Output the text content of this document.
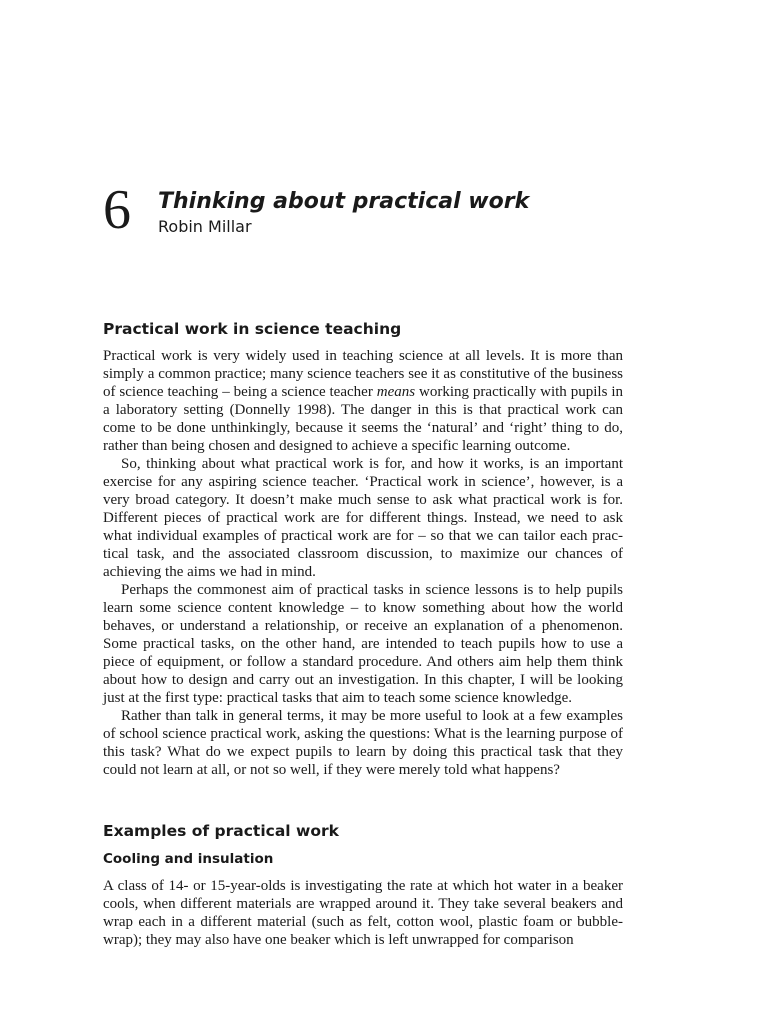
6 Thinking about practical work
Robin Millar
Practical work in science teaching

Practical work is very widely used in teaching science at all levels. It is more than simply a common practice; many science teachers see it as constitutive of the business of science teaching – being a science teacher means working practically with pupils in a laboratory setting (Donnelly 1998). The danger in this is that practical work can come to be done unthinkingly, because it seems the ‘natural’ and ‘right’ thing to do, rather than being chosen and designed to achieve a specific learning outcome.

So, thinking about what practical work is for, and how it works, is an important exercise for any aspiring science teacher. ‘Practical work in science’, however, is a very broad category. It doesn’t make much sense to ask what practical work is for. Different pieces of practical work are for different things. Instead, we need to ask what individual examples of practical work are for – so that we can tailor each practical task, and the associated classroom discussion, to maximize our chances of achieving the aims we had in mind.

Perhaps the commonest aim of practical tasks in science lessons is to help pupils learn some science content knowledge – to know something about how the world behaves, or understand a relationship, or receive an explanation of a phenomenon. Some practical tasks, on the other hand, are intended to teach pupils how to use a piece of equipment, or follow a standard procedure. And others aim help them think about how to design and carry out an investigation. In this chapter, I will be looking just at the first type: practical tasks that aim to teach some science knowledge.

Rather than talk in general terms, it may be more useful to look at a few examples of school science practical work, asking the questions: What is the learning purpose of this task? What do we expect pupils to learn by doing this practical task that they could not learn at all, or not so well, if they were merely told what happens?

Examples of practical work
Cooling and insulation

A class of 14- or 15-year-olds is investigating the rate at which hot water in a beaker cools, when different materials are wrapped around it. They take several beakers and wrap each in a different material (such as felt, cotton wool, plastic foam or bubble-wrap); they may also have one beaker which is left unwrapped for comparison
